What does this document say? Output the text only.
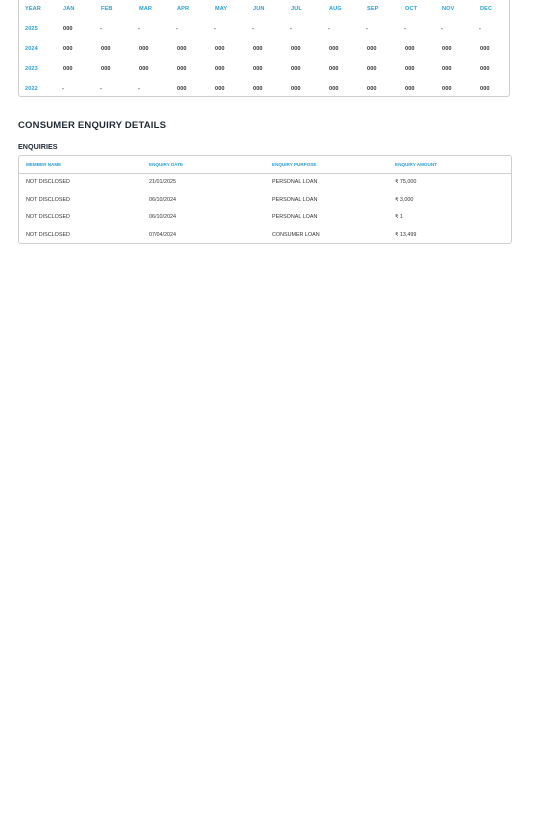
YEAR	JAN	FEB	MAR	APR	MAY	JUN	JUL	AUG	SEP	OCT	NOV	DEC
2025	000	-	-	-	-	-	-	-	-	-	-	-
2024	000	000	000	000	000	000	000	000	000	000	000	000
2023	000	000	000	000	000	000	000	000	000	000	000	000
2022	-	-	-	000	000	000	000	000	000	000	000	000
CONSUMER ENQUIRY DETAILS
ENQUIRIES
MEMBER NAME	ENQUIRY DATE	ENQUIRY PURPOSE	ENQUIRY AMOUNT
NOT DISCLOSED	21/01/2025	PERSONAL LOAN	₹ 75,000
NOT DISCLOSED	06/10/2024	PERSONAL LOAN	₹ 3,000
NOT DISCLOSED	06/10/2024	PERSONAL LOAN	₹ 1
NOT DISCLOSED	07/04/2024	CONSUMER LOAN	₹ 13,499
